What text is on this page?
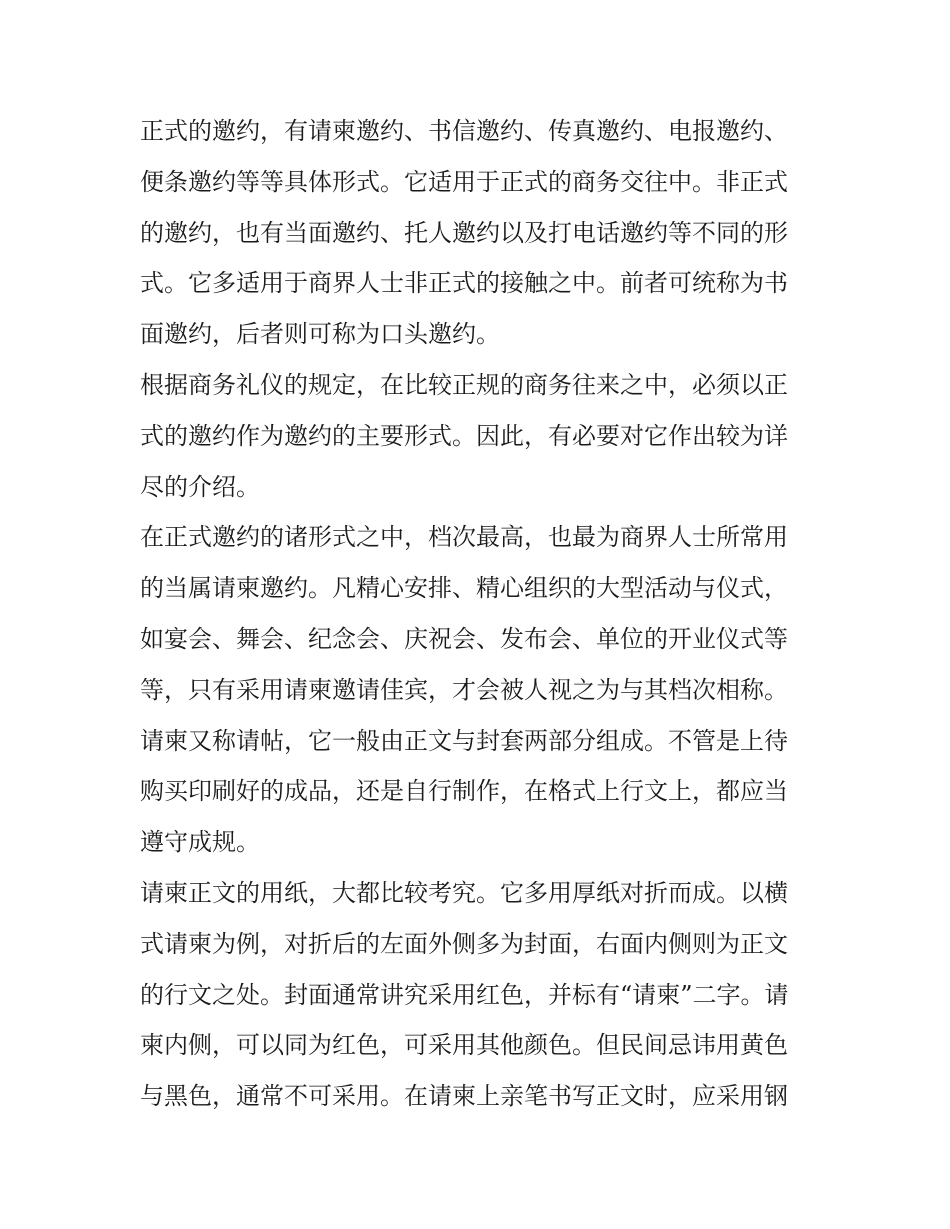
正式的邀约，有请柬邀约、书信邀约、传真邀约、电报邀约、
便条邀约等等具体形式。它适用于正式的商务交往中。非正式
的邀约，也有当面邀约、托人邀约以及打电话邀约等不同的形
式。它多适用于商界人士非正式的接触之中。前者可统称为书
面邀约，后者则可称为口头邀约。
根据商务礼仪的规定，在比较正规的商务往来之中，必须以正
式的邀约作为邀约的主要形式。因此，有必要对它作出较为详
尽的介绍。
在正式邀约的诸形式之中，档次最高，也最为商界人士所常用
的当属请柬邀约。凡精心安排、精心组织的大型活动与仪式，
如宴会、舞会、纪念会、庆祝会、发布会、单位的开业仪式等
等，只有采用请柬邀请佳宾，才会被人视之为与其档次相称。
请柬又称请帖，它一般由正文与封套两部分组成。不管是上待
购买印刷好的成品，还是自行制作，在格式上行文上，都应当
遵守成规。
请柬正文的用纸，大都比较考究。它多用厚纸对折而成。以横
式请柬为例，对折后的左面外侧多为封面，右面内侧则为正文
的行文之处。封面通常讲究采用红色，并标有“请柬”二字。请
柬内侧，可以同为红色，可采用其他颜色。但民间忌讳用黄色
与黑色，通常不可采用。在请柬上亲笔书写正文时，应采用钢
